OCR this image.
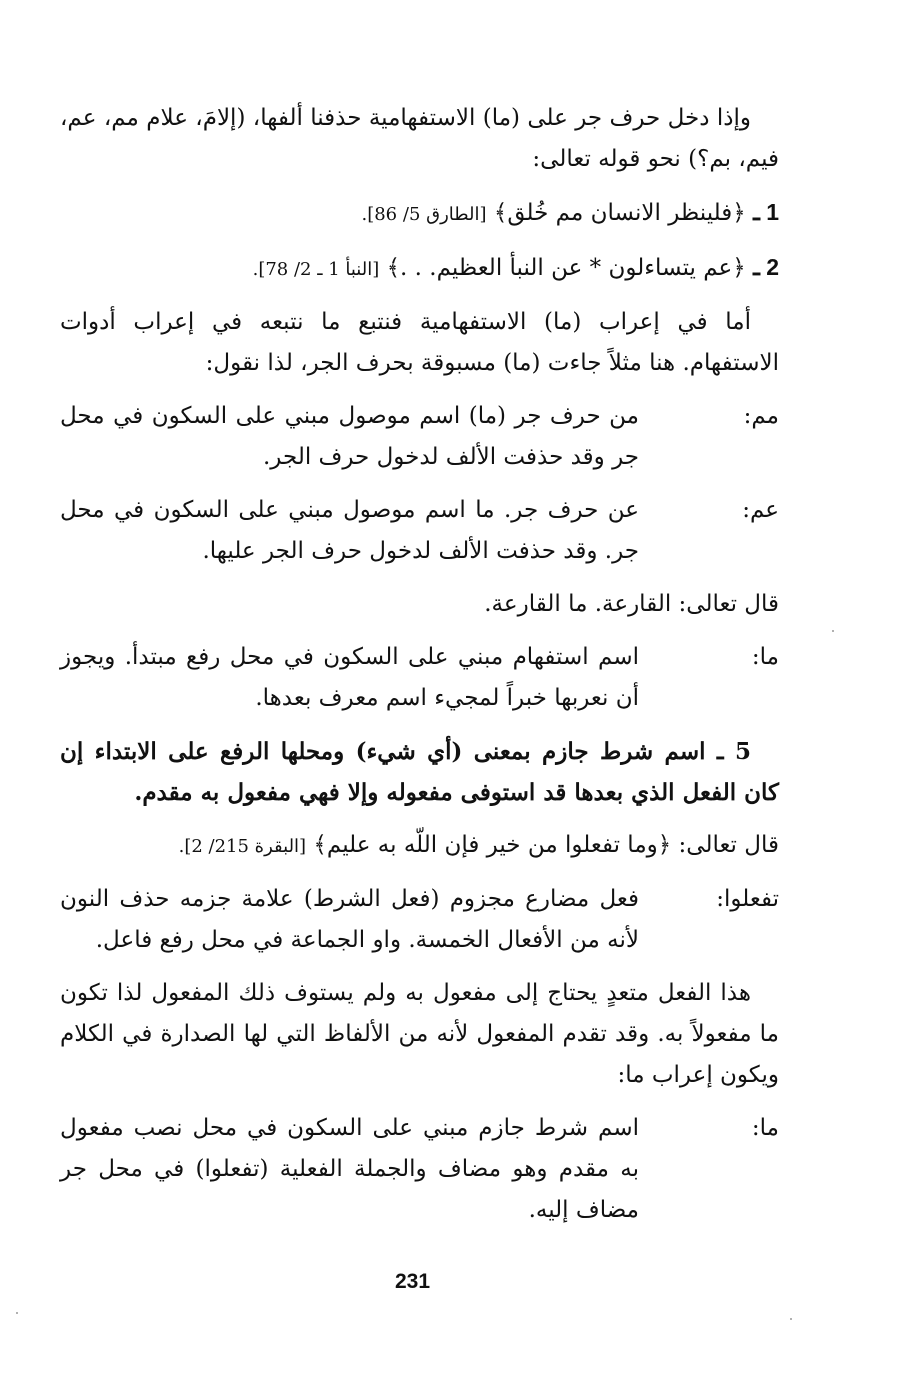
وإذا دخل حرف جر على (ما) الاستفهامية حذفنا ألفها، (إلامَ، علام مم، عم، فيم، بم؟) نحو قوله تعالى:

1 ـ ﴿فلينظر الانسان مم خُلق﴾ [الطارق 5/ 86].
2 ـ ﴿عم يتساءلون * عن النبأ العظيم. . .﴾ [النبأ 1 ـ 2/ 78].

أما في إعراب (ما) الاستفهامية فنتبع ما نتبعه في إعراب أدوات الاستفهام. هنا مثلاً جاءت (ما) مسبوقة بحرف الجر، لذا نقول:

مم:
من حرف جر (ما) اسم موصول مبني على السكون في محل جر وقد حذفت الألف لدخول حرف الجر.
عم:
عن حرف جر. ما اسم موصول مبني على السكون في محل جر. وقد حذفت الألف لدخول حرف الجر عليها.
قال تعالى: القارعة. ما القارعة.
ما:
اسم استفهام مبني على السكون في محل رفع مبتدأ. ويجوز أن نعربها خبراً لمجيء اسم معرف بعدها.

5 ـ اسم شرط جازم بمعنى (أي شيء) ومحلها الرفع على الابتداء إن كان الفعل الذي بعدها قد استوفى مفعوله وإلا فهي مفعول به مقدم.

قال تعالى: ﴿وما تفعلوا من خير فإن اللّه به عليم﴾ [البقرة 215/ 2].
تفعلوا:
فعل مضارع مجزوم (فعل الشرط) علامة جزمه حذف النون لأنه من الأفعال الخمسة. واو الجماعة في محل رفع فاعل.

هذا الفعل متعدٍ يحتاج إلى مفعول به ولم يستوف ذلك المفعول لذا تكون ما مفعولاً به. وقد تقدم المفعول لأنه من الألفاظ التي لها الصدارة في الكلام ويكون إعراب ما:

ما:
اسم شرط جازم مبني على السكون في محل نصب مفعول به مقدم وهو مضاف والجملة الفعلية (تفعلوا) في محل جر مضاف إليه.
231
